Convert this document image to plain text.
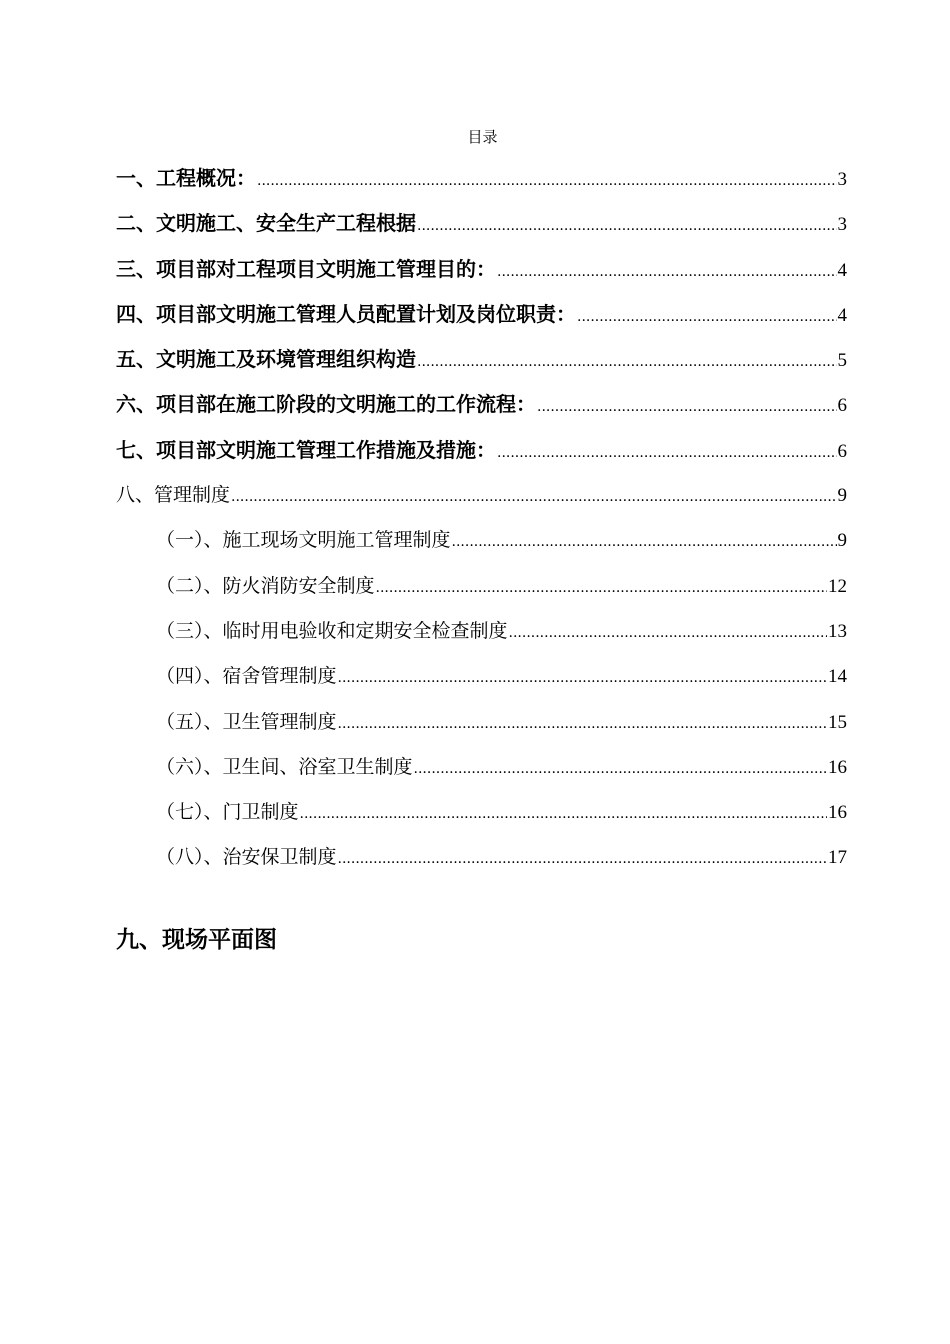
目录
一、工程概况： .....	3
二、文明施工、安全生产工程根据 .....	3
三、项目部对工程项目文明施工管理目的： .....	4
四、项目部文明施工管理人员配置计划及岗位职责： .....	4
五、文明施工及环境管理组织构造 .....	5
六、项目部在施工阶段的文明施工的工作流程： .....	6
七、项目部文明施工管理工作措施及措施： .....	6
八、管理制度 .....	9
（一）、施工现场文明施工管理制度 .....	9
（二）、防火消防安全制度 .....	12
（三）、临时用电验收和定期安全检查制度 .....	13
（四）、宿舍管理制度 .....	14
（五）、卫生管理制度 .....	15
（六）、卫生间、浴室卫生制度 .....	16
（七）、门卫制度 .....	16
（八）、治安保卫制度 .....	17
九、现场平面图
